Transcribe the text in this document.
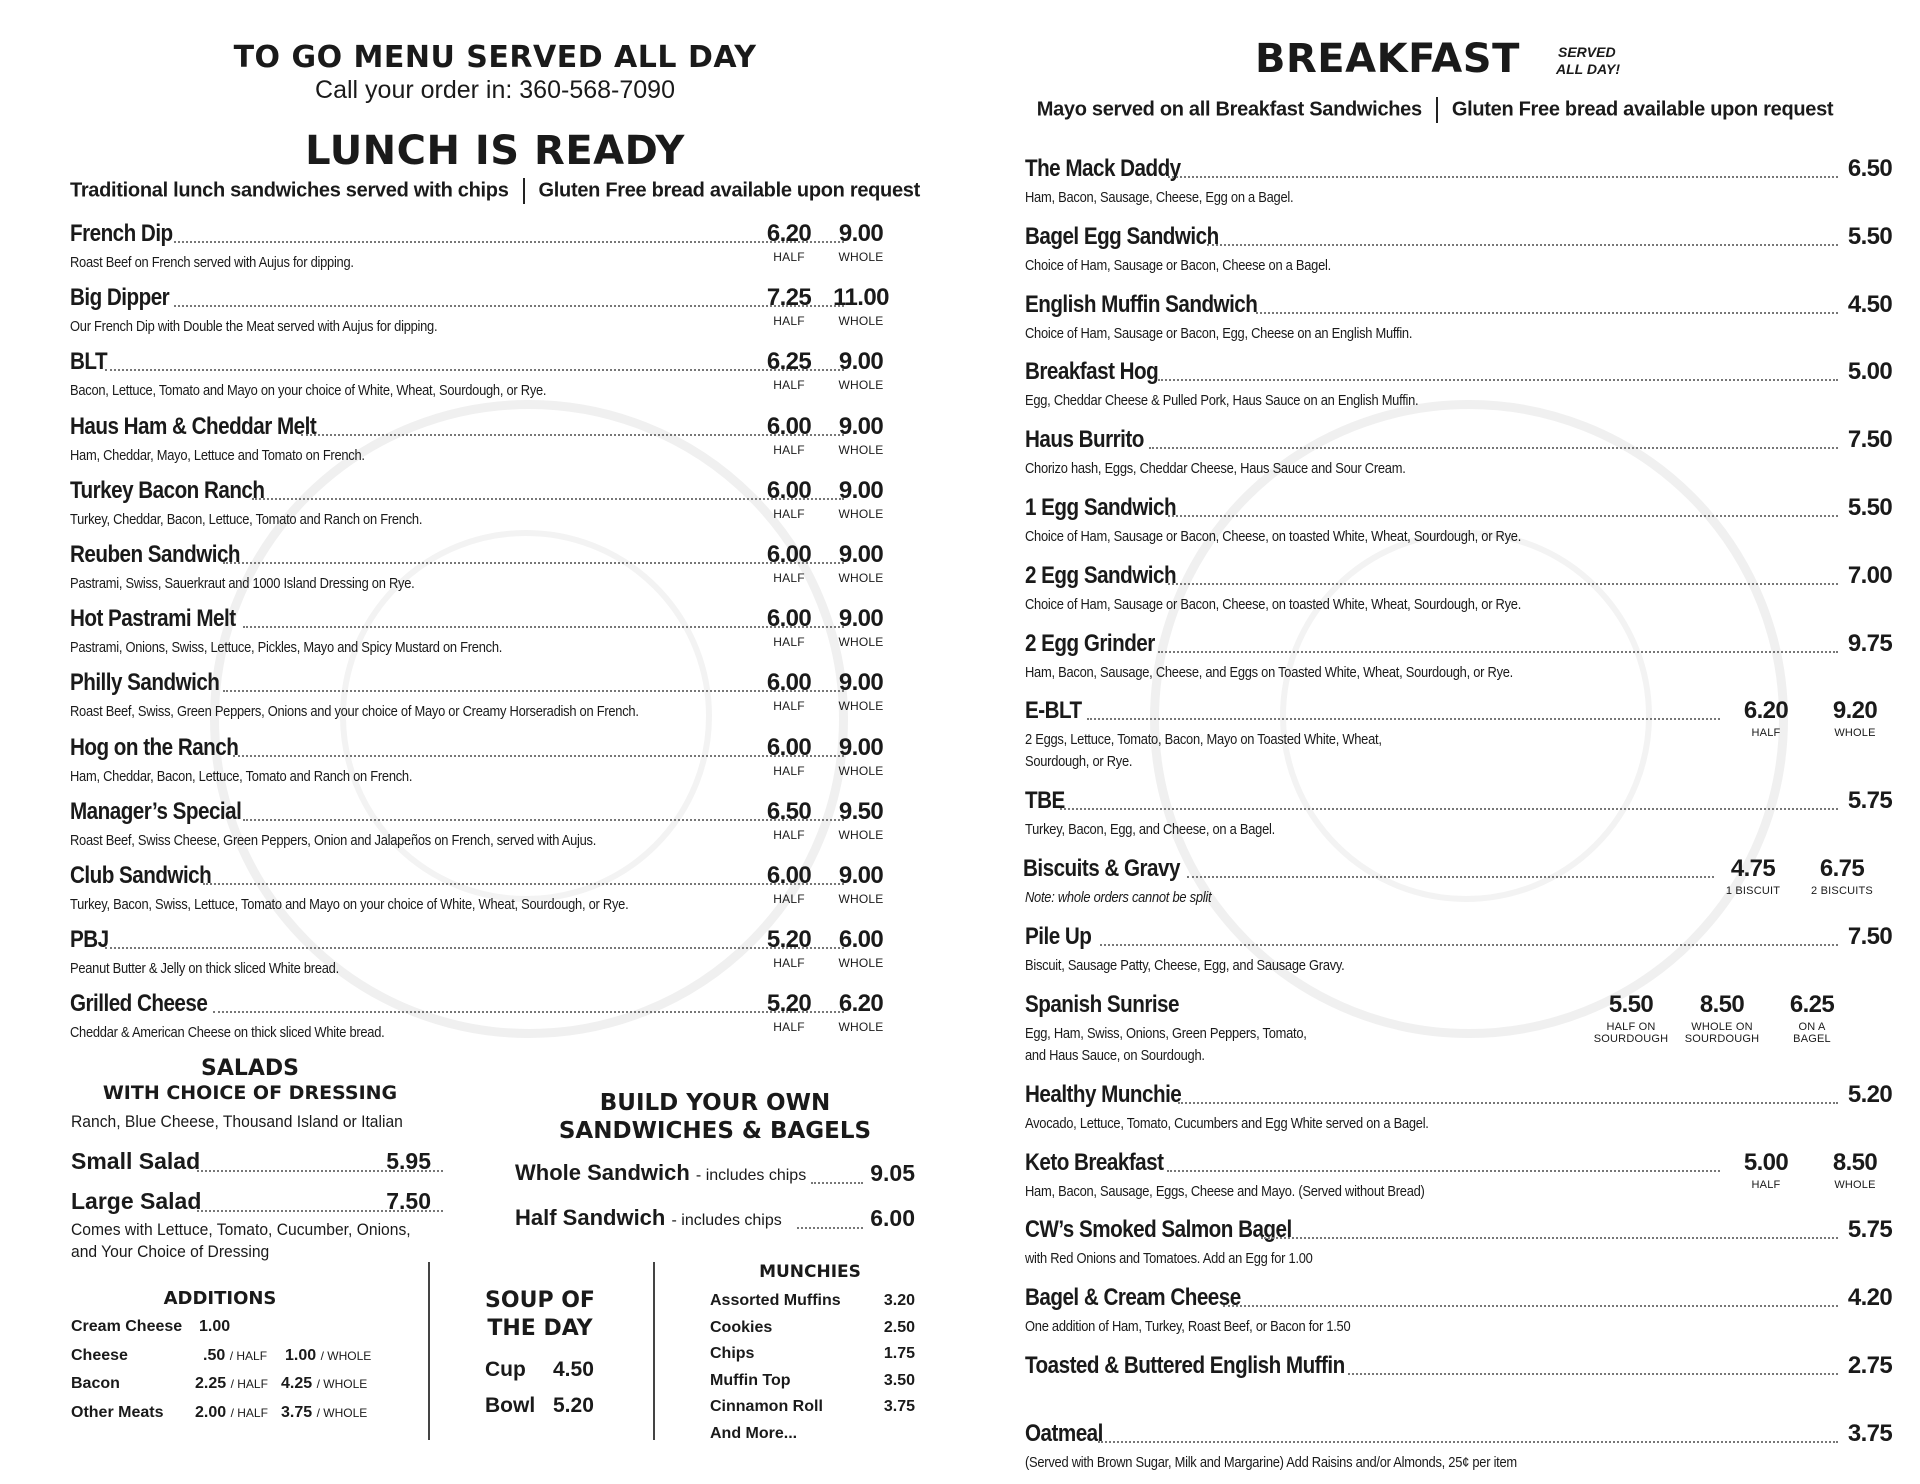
TO GO MENU SERVED ALL DAY
Call your order in: 360-568-7090
LUNCH IS READY
Traditional lunch sandwiches served with chips Gluten Free bread available upon request
French Dip
Roast Beef on French served with Aujus for dipping.
6.20
HALF
9.00
WHOLE
Big Dipper
Our French Dip with Double the Meat served with Aujus for dipping.
7.25
HALF
11.00
WHOLE
BLT
Bacon, Lettuce, Tomato and Mayo on your choice of White, Wheat, Sourdough, or Rye.
6.25
HALF
9.00
WHOLE
Haus Ham & Cheddar Melt
Ham, Cheddar, Mayo, Lettuce and Tomato on French.
6.00
HALF
9.00
WHOLE
Turkey Bacon Ranch
Turkey, Cheddar, Bacon, Lettuce, Tomato and Ranch on French.
6.00
HALF
9.00
WHOLE
Reuben Sandwich
Pastrami, Swiss, Sauerkraut and 1000 Island Dressing on Rye.
6.00
HALF
9.00
WHOLE
Hot Pastrami Melt
Pastrami, Onions, Swiss, Lettuce, Pickles, Mayo and Spicy Mustard on French.
6.00
HALF
9.00
WHOLE
Philly Sandwich
Roast Beef, Swiss, Green Peppers, Onions and your choice of Mayo or Creamy Horseradish on French.
6.00
HALF
9.00
WHOLE
Hog on the Ranch
Ham, Cheddar, Bacon, Lettuce, Tomato and Ranch on French.
6.00
HALF
9.00
WHOLE
Manager’s Special
Roast Beef, Swiss Cheese, Green Peppers, Onion and Jalapeños on French, served with Aujus.
6.50
HALF
9.50
WHOLE
Club Sandwich
Turkey, Bacon, Swiss, Lettuce, Tomato and Mayo on your choice of White, Wheat, Sourdough, or Rye.
6.00
HALF
9.00
WHOLE
PBJ
Peanut Butter & Jelly on thick sliced White bread.
5.20
HALF
6.00
WHOLE
Grilled Cheese
Cheddar & American Cheese on thick sliced White bread.
5.20
HALF
6.20
WHOLE
SALADS
WITH CHOICE OF DRESSING
Ranch, Blue Cheese, Thousand Island or Italian
Small Salad	5.95
Large Salad	7.50
Comes with Lettuce, Tomato, Cucumber, Onions,
and Your Choice of Dressing
BUILD YOUR OWN
SANDWICHES & BAGELS
Whole Sandwich - includes chips	9.05
Half Sandwich - includes chips	6.00
ADDITIONS
Cream Cheese 1.00
Cheese	.50 / HALF 1.00 / WHOLE
Bacon	2.25 / HALF 4.25 / WHOLE
Other Meats 2.00 / HALF 3.75 / WHOLE
SOUP OF
THE DAY
Cup 4.50
Bowl 5.20
MUNCHIES
Assorted Muffins	3.20
Cookies	2.50
Chips	1.75
Muffin Top	3.50
Cinnamon Roll	3.75
And More...
BREAKFAST	SERVED
ALL DAY!
Mayo served on all Breakfast Sandwiches Gluten Free bread available upon request
The Mack Daddy
Ham, Bacon, Sausage, Cheese, Egg on a Bagel.
6.50
Bagel Egg Sandwich
Choice of Ham, Sausage or Bacon, Cheese on a Bagel.
5.50
English Muffin Sandwich
Choice of Ham, Sausage or Bacon, Egg, Cheese on an English Muffin.
4.50
Breakfast Hog
Egg, Cheddar Cheese & Pulled Pork, Haus Sauce on an English Muffin.
5.00
Haus Burrito
Chorizo hash, Eggs, Cheddar Cheese, Haus Sauce and Sour Cream.
7.50
1 Egg Sandwich
Choice of Ham, Sausage or Bacon, Cheese, on toasted White, Wheat, Sourdough, or Rye.
5.50
2 Egg Sandwich
Choice of Ham, Sausage or Bacon, Cheese, on toasted White, Wheat, Sourdough, or Rye.
7.00
2 Egg Grinder
Ham, Bacon, Sausage, Cheese, and Eggs on Toasted White, Wheat, Sourdough, or Rye.
9.75
E-BLT
2 Eggs, Lettuce, Tomato, Bacon, Mayo on Toasted White, Wheat,
Sourdough, or Rye.
6.20
HALF
9.20
WHOLE
TBE
Turkey, Bacon, Egg, and Cheese, on a Bagel.
5.75
Biscuits & Gravy
Note: whole orders cannot be split
4.75
1 BISCUIT
6.75
2 BISCUITS
Pile Up
Biscuit, Sausage Patty, Cheese, Egg, and Sausage Gravy.
7.50
Spanish Sunrise
Egg, Ham, Swiss, Onions, Green Peppers, Tomato,
and Haus Sauce, on Sourdough.
5.50
HALF ON
SOURDOUGH
8.50
WHOLE ON
SOURDOUGH
6.25
ON A
BAGEL
Healthy Munchie
Avocado, Lettuce, Tomato, Cucumbers and Egg White served on a Bagel.
5.20
Keto Breakfast
Ham, Bacon, Sausage, Eggs, Cheese and Mayo. (Served without Bread)
5.00
HALF
8.50
WHOLE
CW’s Smoked Salmon Bagel
with Red Onions and Tomatoes. Add an Egg for 1.00
5.75
Bagel & Cream Cheese
One addition of Ham, Turkey, Roast Beef, or Bacon for 1.50
4.20
Toasted & Buttered English Muffin	2.75
Oatmeal
(Served with Brown Sugar, Milk and Margarine) Add Raisins and/or Almonds, 25¢ per item
3.75
